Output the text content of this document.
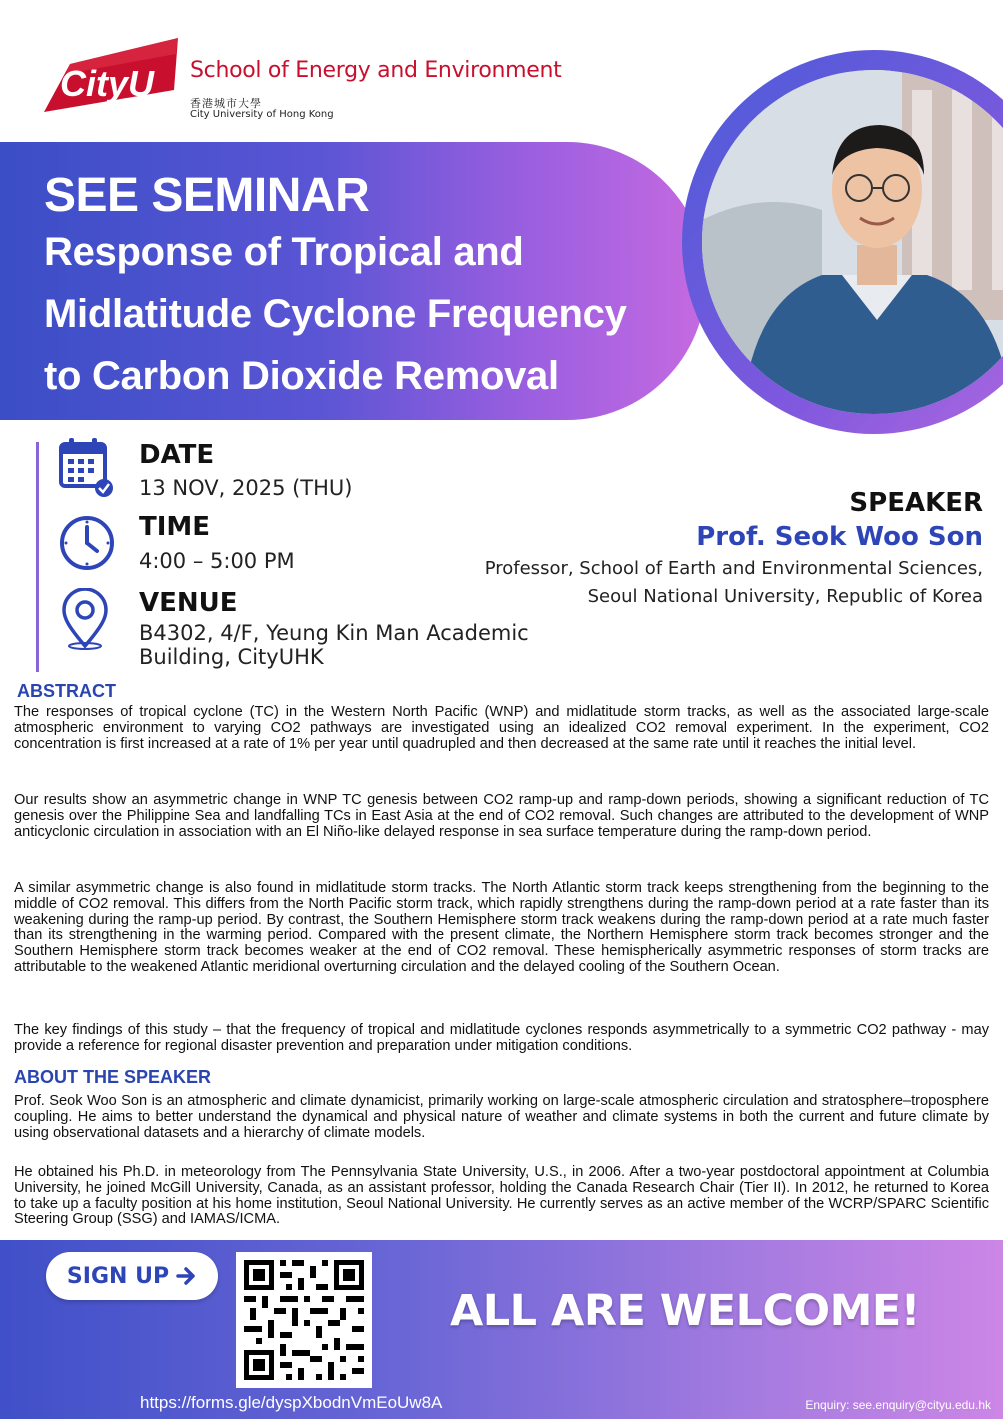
CityU School of Energy and Environment
香港城市大學
City University of Hong Kong
SEE SEMINAR
Response of Tropical and
Midlatitude Cyclone Frequency
to Carbon Dioxide Removal
DATE
13 NOV, 2025 (THU)
TIME
4:00 – 5:00 PM
VENUE
B4302, 4/F, Yeung Kin Man Academic
Building, CityUHK
SPEAKER
Prof. Seok Woo Son
Professor, School of Earth and Environmental Sciences,
Seoul National University, Republic of Korea
ABSTRACT
The responses of tropical cyclone (TC) in the Western North Pacific (WNP) and midlatitude storm tracks, as well as the associated large-scale atmospheric environment to varying CO2 pathways are investigated using an idealized CO2 removal experiment. In the experiment, CO2 concentration is first increased at a rate of 1% per year until quadrupled and then decreased at the same rate until it reaches the initial level.
Our results show an asymmetric change in WNP TC genesis between CO2 ramp-up and ramp-down periods, showing a significant reduction of TC genesis over the Philippine Sea and landfalling TCs in East Asia at the end of CO2 removal. Such changes are attributed to the development of WNP anticyclonic circulation in association with an El Niño-like delayed response in sea surface temperature during the ramp-down period.
A similar asymmetric change is also found in midlatitude storm tracks. The North Atlantic storm track keeps strengthening from the beginning to the middle of CO2 removal. This differs from the North Pacific storm track, which rapidly strengthens during the ramp-down period at a rate faster than its weakening during the ramp-up period. By contrast, the Southern Hemisphere storm track weakens during the ramp-down period at a rate much faster than its strengthening in the warming period. Compared with the present climate, the Northern Hemisphere storm track becomes stronger and the Southern Hemisphere storm track becomes weaker at the end of CO2 removal. These hemispherically asymmetric responses of storm tracks are attributable to the weakened Atlantic meridional overturning circulation and the delayed cooling of the Southern Ocean.
The key findings of this study – that the frequency of tropical and midlatitude cyclones responds asymmetrically to a symmetric CO2 pathway - may provide a reference for regional disaster prevention and preparation under mitigation conditions.
ABOUT THE SPEAKER
Prof. Seok Woo Son is an atmospheric and climate dynamicist, primarily working on large-scale atmospheric circulation and stratosphere–troposphere coupling. He aims to better understand the dynamical and physical nature of weather and climate systems in both the current and future climate by using observational datasets and a hierarchy of climate models.
He obtained his Ph.D. in meteorology from The Pennsylvania State University, U.S., in 2006. After a two-year postdoctoral appointment at Columbia University, he joined McGill University, Canada, as an assistant professor, holding the Canada Research Chair (Tier II). In 2012, he returned to Korea to take up a faculty position at his home institution, Seoul National University. He currently serves as an active member of the WCRP/SPARC Scientific Steering Group (SSG) and IAMAS/ICMA.
SIGN UP
ALL ARE WELCOME!
https://forms.gle/dyspXbodnVmEoUw8A	Enquiry: see.enquiry@cityu.edu.hk
